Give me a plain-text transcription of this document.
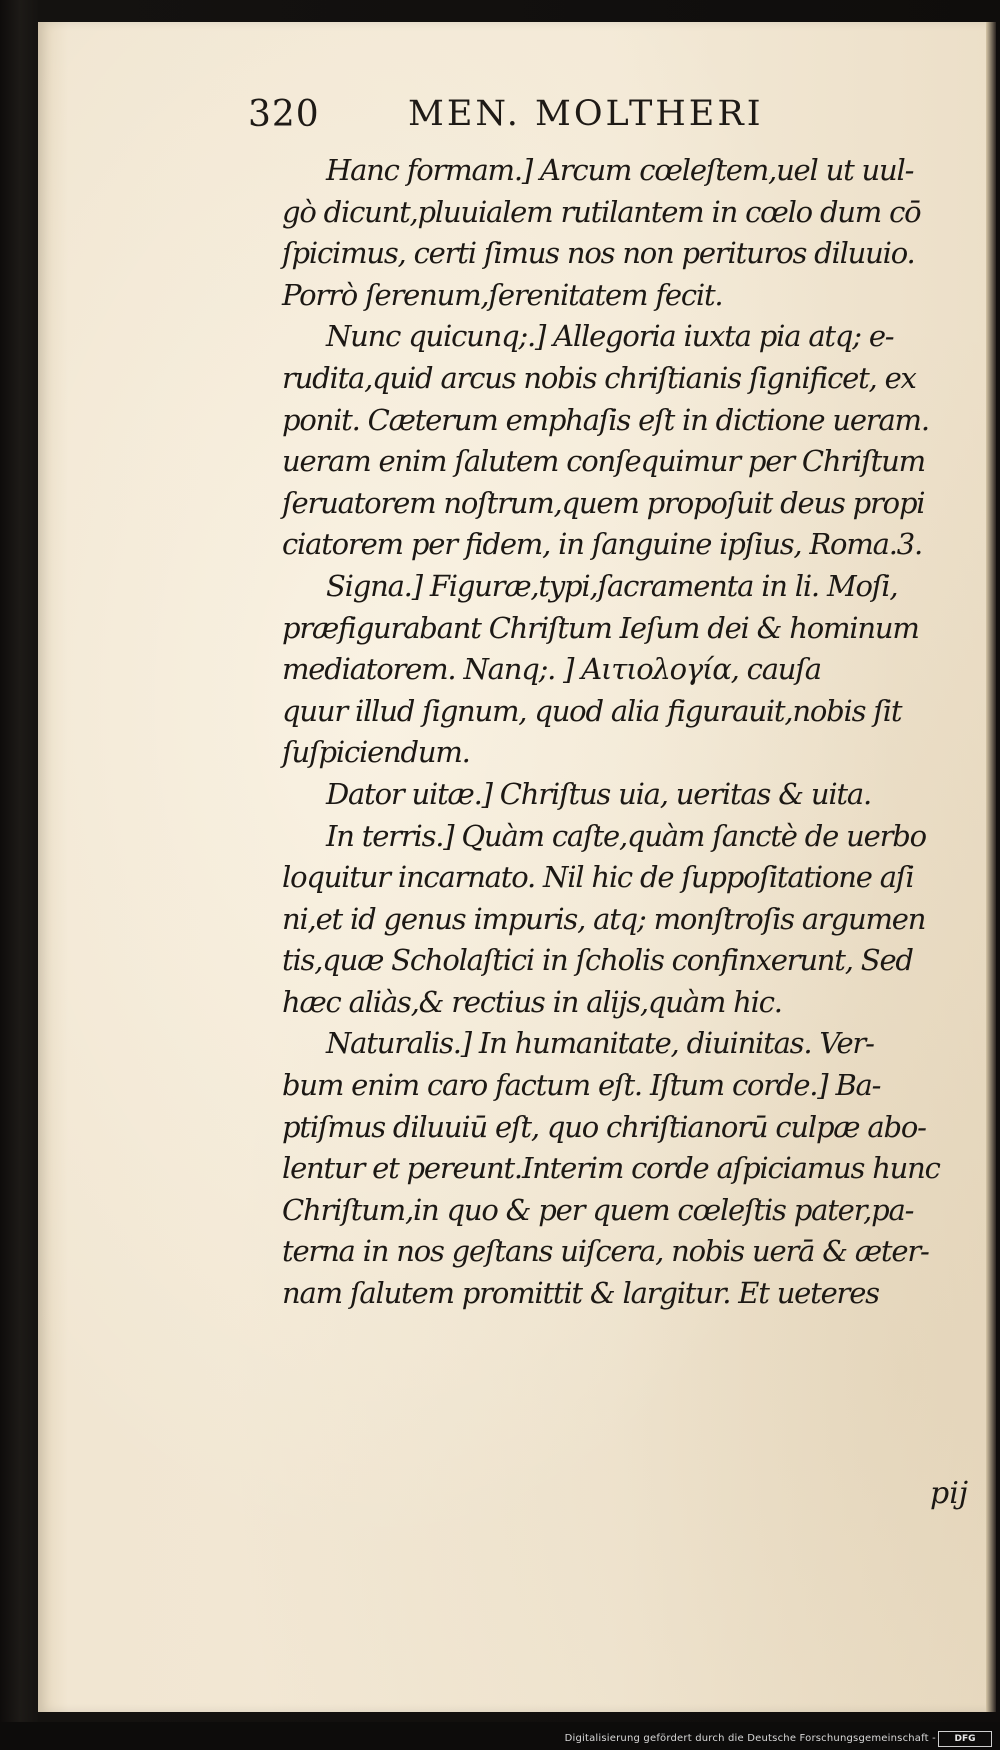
320	MEN. MOLTHERI
Hanc formam.] Arcum cœleſtem,uel ut uul-
gò dicunt,pluuialem rutilantem in cœlo dum cō
ſpicimus, certi ſimus nos non perituros diluuio.
Porrò ſerenum,ſerenitatem fecit.
Nunc quicunq;.] Allegoria iuxta pia atq; e-
rudita,quid arcus nobis chriſtianis ſignificet, ex
ponit. Cæterum emphaſis eſt in dictione ueram.
ueram enim ſalutem conſequimur per Chriſtum
ſeruatorem noſtrum,quem propoſuit deus propi
ciatorem per fidem, in ſanguine ipſius, Roma.3.
Signa.] Figuræ,typi,ſacramenta in li. Moſi,
præfigurabant Chriſtum Ieſum dei & hominum
mediatorem. Nanq;. ] Αιτιολογία, cauſa
quur illud ſignum, quod alia figurauit,nobis ſit
ſuſpiciendum.
Dator uitæ.] Chriſtus uia, ueritas & uita.
In terris.] Quàm caſte,quàm ſanctè de uerbo
loquitur incarnato. Nil hic de ſuppoſitatione aſi
ni,et id genus impuris, atq; monſtroſis argumen
tis,quæ Scholaſtici in ſcholis confinxerunt, Sed
hæc aliàs,& rectius in alijs,quàm hic.
Naturalis.] In humanitate, diuinitas. Ver-
bum enim caro factum eſt. Iſtum corde.] Ba-
ptiſmus diluuiū eſt, quo chriſtianorū culpæ abo-
lentur et pereunt.Interim corde aſpiciamus hunc
Chriſtum,in quo & per quem cœleſtis pater,pa-
terna in nos geſtans uiſcera, nobis uerā & æter-
nam ſalutem promittit & largitur. Et ueteres
pij
Digitalisierung gefördert durch die Deutsche Forschungsgemeinschaft -	DFG
